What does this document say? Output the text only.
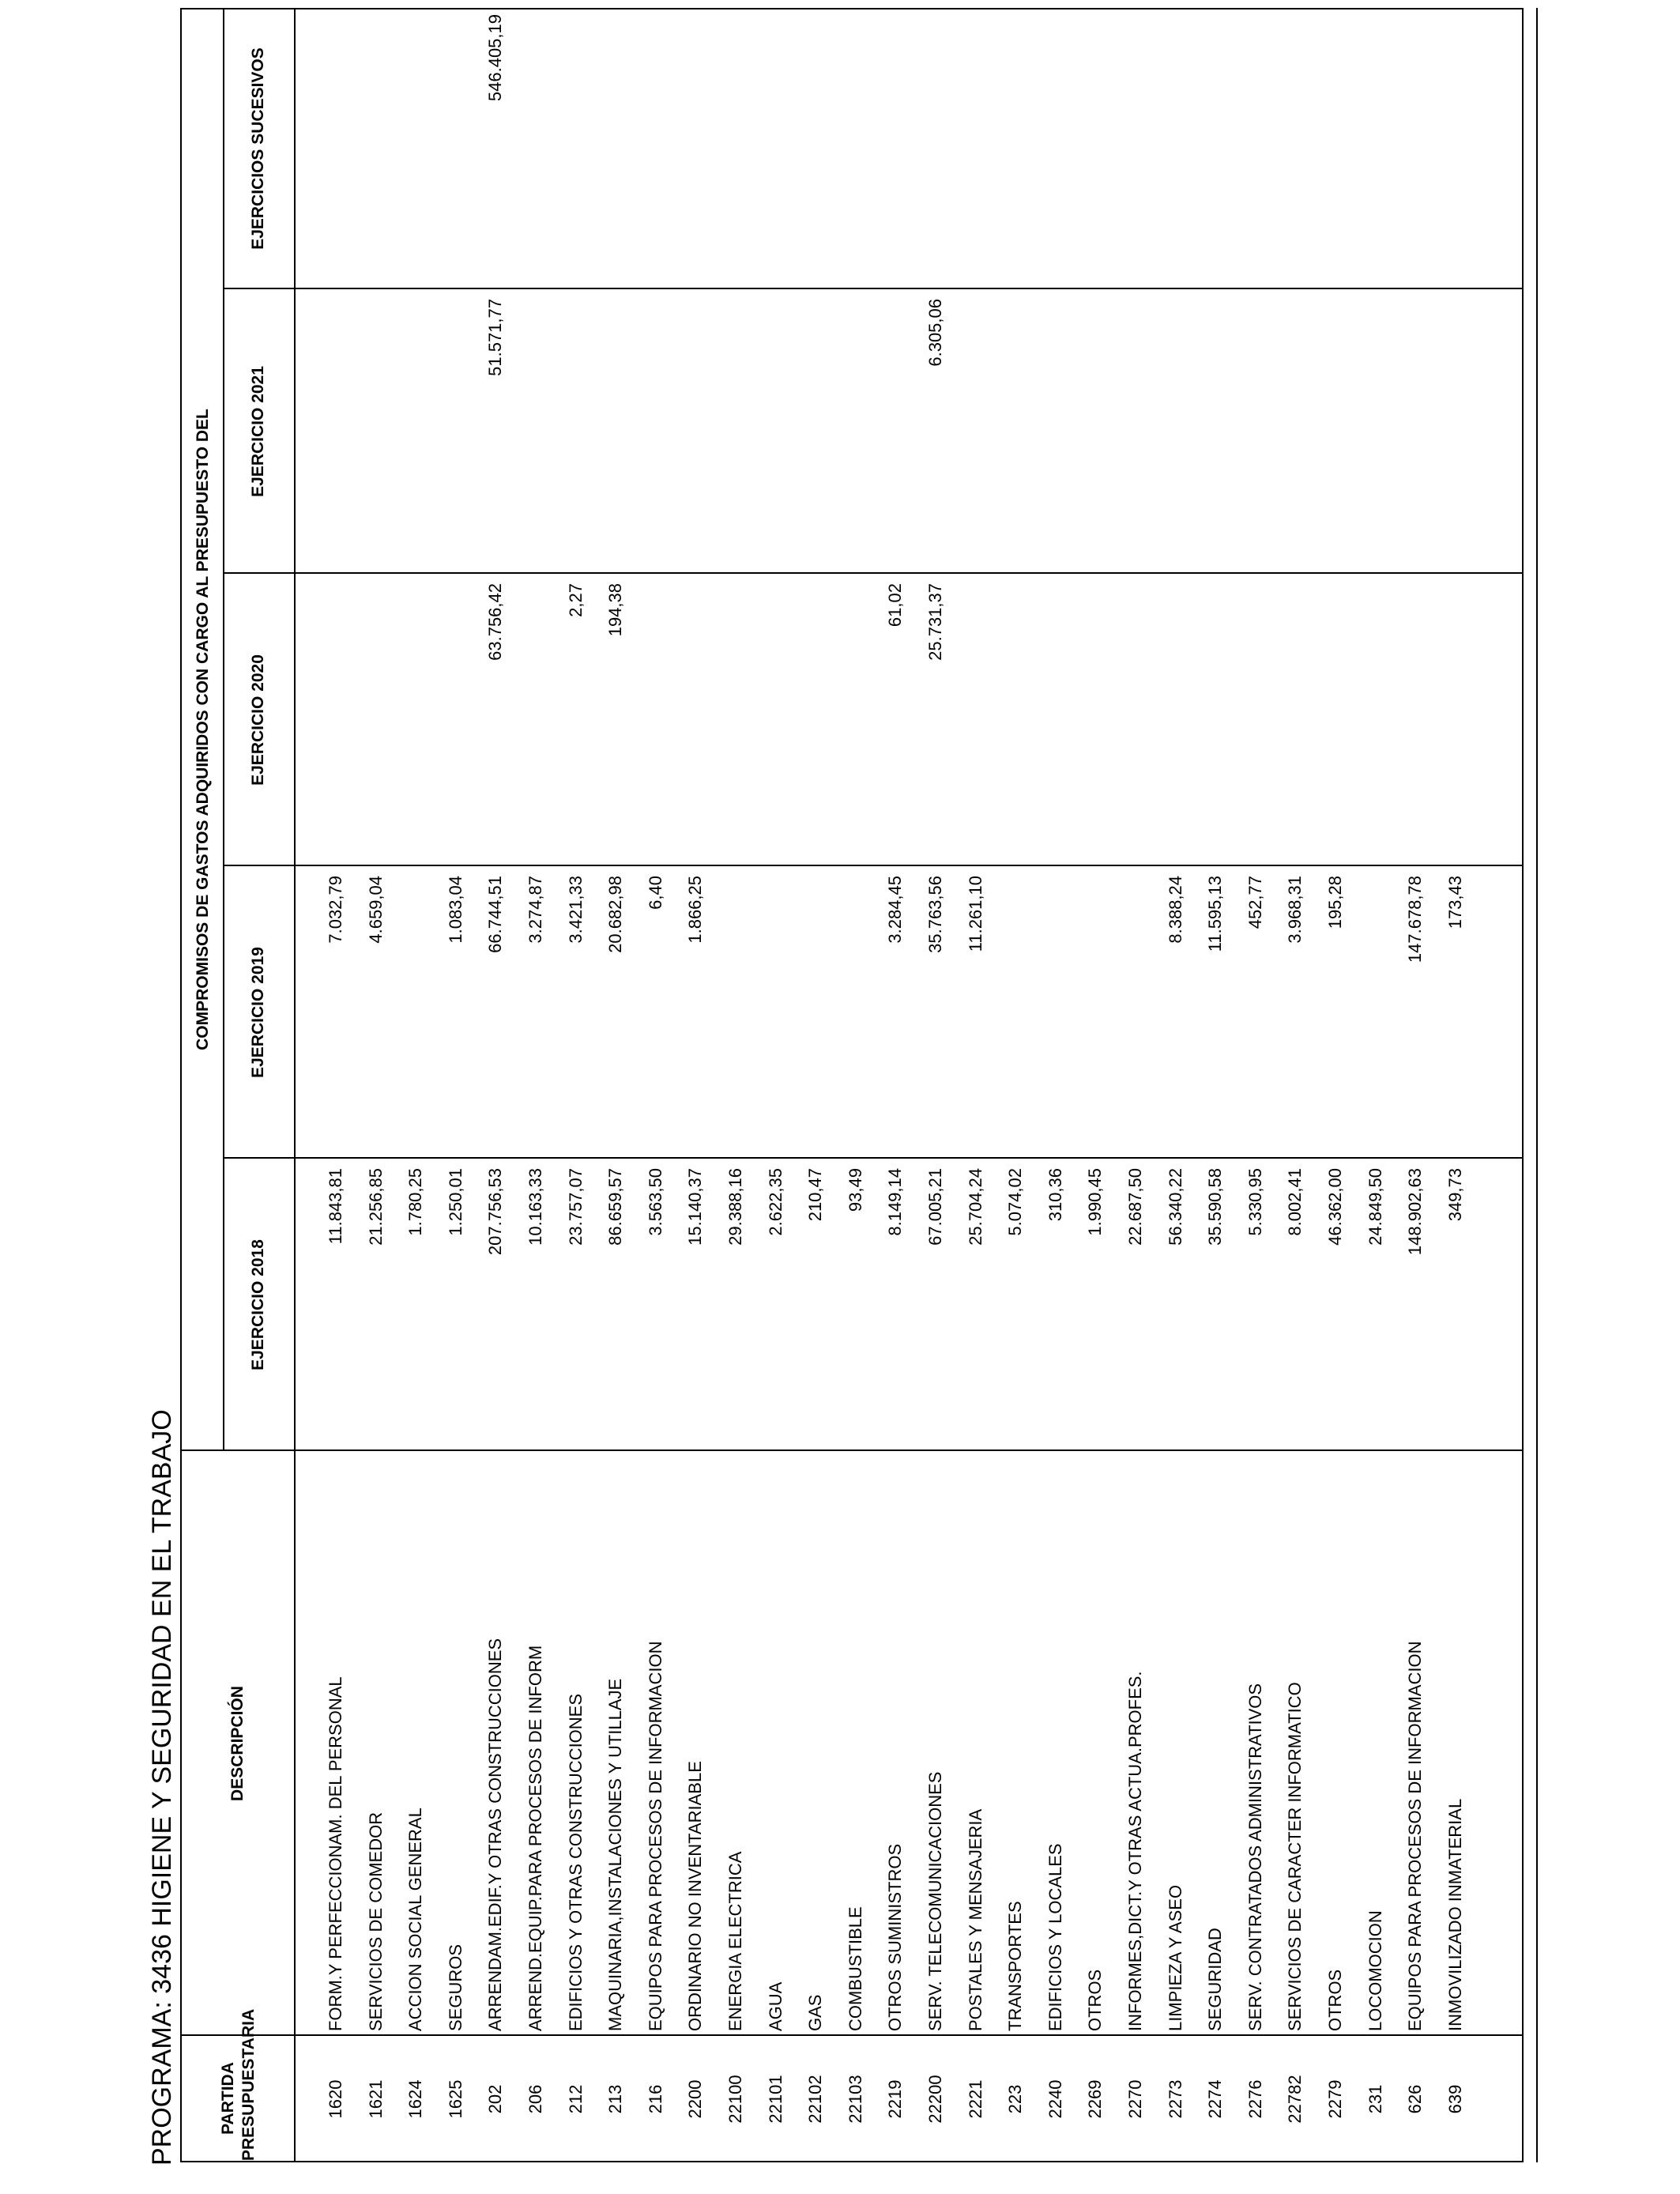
PROGRAMA: 3436 HIGIENE Y SEGURIDAD EN EL TRABAJO	PARTIDA PRESUPUESTARIA
DESCRIPCIÓN
COMPROMISOS DE GASTOS ADQUIRIDOS CON CARGO AL PRESUPUESTO DEL
EJERCICIO 2018
EJERCICIO 2019
EJERCICIO 2020
EJERCICIO 2021
EJERCICIOS SUCESIVOS
1620
FORM.Y PERFECCIONAM. DEL PERSONAL
11.843,81
7.032,79
1621
SERVICIOS DE COMEDOR
21.256,85
4.659,04
1624
ACCION SOCIAL GENERAL
1.780,25
1625
SEGUROS
1.250,01
1.083,04
202
ARRENDAM.EDIF.Y OTRAS CONSTRUCCIONES
207.756,53
66.744,51
63.756,42
51.571,77
546.405,19
206
ARREND.EQUIP.PARA PROCESOS DE INFORM
10.163,33
3.274,87
212
EDIFICIOS Y OTRAS CONSTRUCCIONES
23.757,07
3.421,33
2,27
213
MAQUINARIA,INSTALACIONES Y UTILLAJE
86.659,57
20.682,98
194,38
216
EQUIPOS PARA PROCESOS DE INFORMACION
3.563,50
6,40
2200
ORDINARIO NO INVENTARIABLE
15.140,37
1.866,25
22100
ENERGIA ELECTRICA
29.388,16
22101
AGUA
2.622,35
22102
GAS
210,47
22103
COMBUSTIBLE
93,49
2219
OTROS SUMINISTROS
8.149,14
3.284,45
61,02
22200
SERV. TELECOMUNICACIONES
67.005,21
35.763,56
25.731,37
6.305,06
2221
POSTALES Y MENSAJERIA
25.704,24
11.261,10
223
TRANSPORTES
5.074,02
2240
EDIFICIOS Y LOCALES
310,36
2269
OTROS
1.990,45
2270
INFORMES,DICT.Y OTRAS ACTUA.PROFES.
22.687,50
2273
LIMPIEZA Y ASEO
56.340,22
8.388,24
2274
SEGURIDAD
35.590,58
11.595,13
2276
SERV. CONTRATADOS ADMINISTRATIVOS
5.330,95
452,77
22782
SERVICIOS DE CARACTER INFORMATICO
8.002,41
3.968,31
2279
OTROS
46.362,00
195,28
231
LOCOMOCION
24.849,50
626
EQUIPOS PARA PROCESOS DE INFORMACION
148.902,63
147.678,78
639
INMOVILIZADO INMATERIAL
349,73
173,43
